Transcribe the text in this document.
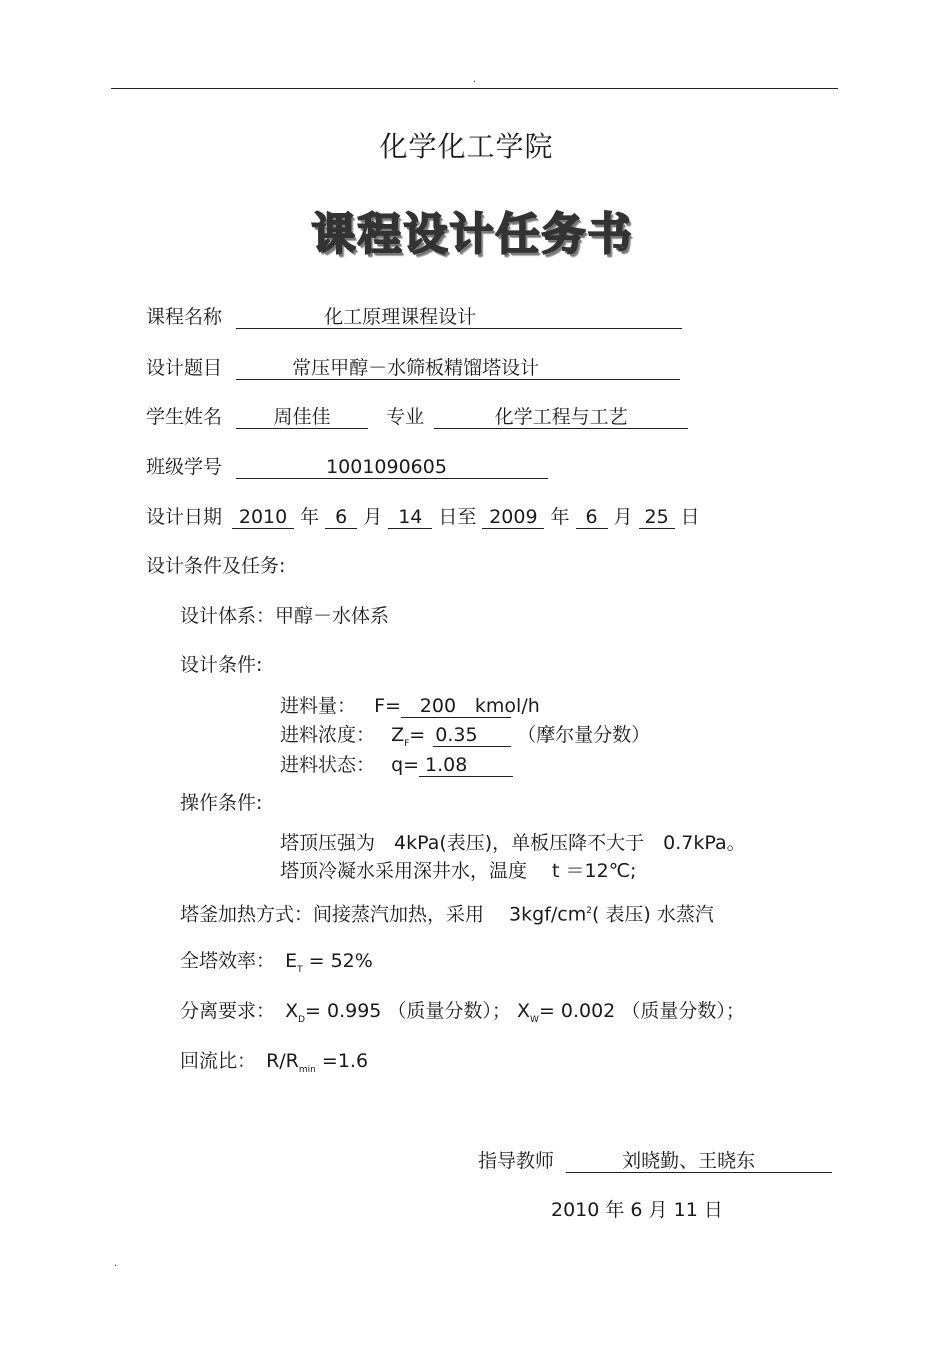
.
化学化工学院
课程设计任务书
课程名称	化工原理课程设计
设计题目	常压甲醇－水筛板精馏塔设计
学生姓名	周佳佳	专业	化学工程与工艺
班级学号	1001090605
设计日期 2010 年 6 月 14 日至 2009 年 6 月 25 日
设计条件及任务:
设计体系：甲醇－水体系
设计条件:
进料量： F= 200 kmol/h
进料浓度： $Z_F= 0.35$ （摩尔量分数）
进料状态： q= 1.08
操作条件:
塔顶压强为　4kPa(表压)，单板压降不大于　0.7kPa。
塔顶冷凝水采用深井水，温度　 t ＝12℃;
塔釜加热方式：间接蒸汽加热，采用 　$3kgf/cm^2$( 表压) 水蒸汽
全塔效率： $E_T = 52\%$
分离要求： $X_D= 0.995$ （质量分数）； $X_W= 0.002$ （质量分数）；
回流比： $R/R_{min} =1.6$
指导教师	刘晓勤、王晓东
2010 年 6 月 11 日
.
